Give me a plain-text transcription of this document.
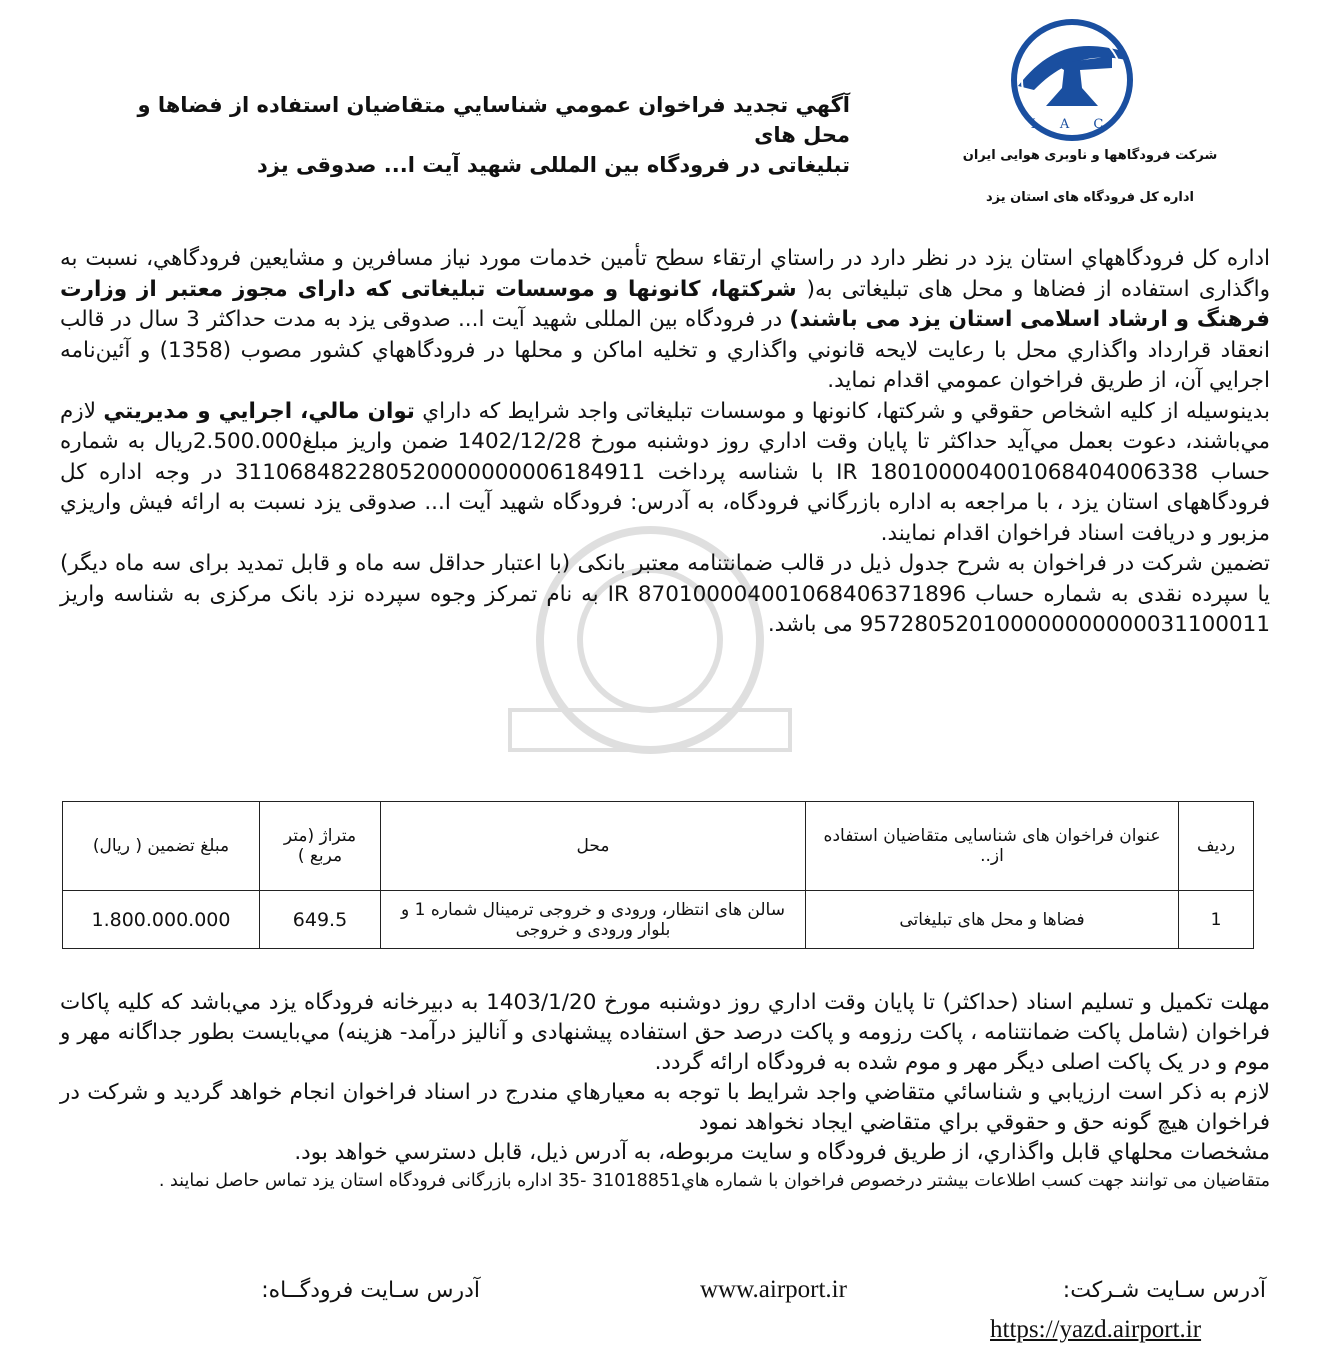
I A C
شرکت فرودگاهها و ناوبری هوایی ایران
اداره کل فرودگاه های استان یزد
آگهي تجديد فراخوان عمومي شناسايي متقاضيان استفاده از فضاها و محل های
تبلیغاتی در فرودگاه بین المللی شهید آیت ا... صدوقی یزد
اداره کل فرودگاههاي استان يزد در نظر دارد در راستاي ارتقاء سطح تأمين خدمات مورد نياز مسافرين و مشايعين فرودگاهي، نسبت به واگذاری استفاده از فضاها و محل های تبلیغاتی به( شرکتها، کانونها و موسسات تبلیغاتی که دارای مجوز معتبر از وزارت فرهنگ و ارشاد اسلامی استان یزد می باشند) در فرودگاه بین المللی شهید آیت ا... صدوقی یزد به مدت حداکثر 3 سال در قالب انعقاد قرارداد واگذاري محل با رعايت لايحه قانوني واگذاري و تخليه اماكن و محلها در فرودگاههاي كشور مصوب (1358) و آئين‌نامه اجرايي آن، از طريق فراخوان عمومي اقدام نمايد.
بدينوسيله از كليه اشخاص حقوقي و شركتها، کانونها و موسسات تبلیغاتی واجد شرايط كه داراي توان مالي، اجرايي و مديريتي لازم مي‌باشند، دعوت بعمل مي‌آيد حداكثر تا پايان وقت اداري روز دوشنبه مورخ 1402/12/28 ضمن واريز مبلغ2.500.000ريال به شماره حساب IR 180100004001068404006338 با شناسه پرداخت 311068482280520000000006184911 در وجه اداره کل فرودگاههای استان یزد ، با مراجعه به اداره بازرگاني فرودگاه، به آدرس: فرودگاه شهید آیت ا... صدوقی یزد نسبت به ارائه فيش واريزي مزبور و دريافت اسناد فراخوان اقدام نمايند.
تضمين شركت در فراخوان به شرح جدول ذیل در قالب ضمانتنامه معتبر بانکی (با اعتبار حداقل سه ماه و قابل تمدید برای سه ماه دیگر) یا سپرده نقدی به شماره حساب 870100004001068406371896 IR به نام تمرکز وجوه سپرده نزد بانک مرکزی به شناسه واریز 957280520100000000000031100011 می باشد.
رديف	عنوان فراخوان های شناسایی متقاضیان استفاده از..	محل	متراژ (متر مربع )	مبلغ تضمین ( ريال)
1	فضاها و محل های تبلیغاتی	سالن های انتظار، ورودی و خروجی ترمینال شماره 1 و بلوار ورودی و خروجی	649.5	1.800.000.000
مهلت تكميل و تسليم اسناد (حداكثر) تا پايان وقت اداري روز دوشنبه مورخ 1403/1/20 به دبيرخانه فرودگاه يزد مي‌باشد كه كليه پاكات فراخوان (شامل پاكت ضمانتنامه ، پاكت رزومه و پاكت درصد حق استفاده پیشنهادی و آنالیز درآمد- هزینه) مي‌بايست بطور جداگانه مهر و موم و در یک پاکت اصلی دیگر مهر و موم شده به فرودگاه ارائه گردد.
لازم به ذكر است ارزيابي و شناسائي متقاضي واجد شرايط با توجه به معيارهاي مندرج در اسناد فراخوان انجام خواهد گرديد و شركت در فراخوان هيچ گونه حق و حقوقي براي متقاضي ايجاد نخواهد نمود
مشخصات محلهاي قابل واگذاري، از طريق فرودگاه و سايت مربوطه، به آدرس ذيل، قابل دسترسي خواهد بود.
متقاضیان می توانند جهت کسب اطلاعات بیشتر درخصوص فراخوان با شماره هاي31018851 -35 اداره بازرگانی فرودگاه استان یزد تماس حاصل نمایند .
آدرس سـايت شـركت:
آدرس سـايت فرودگــاه:	www.airport.ir
https://yazd.airport.ir
